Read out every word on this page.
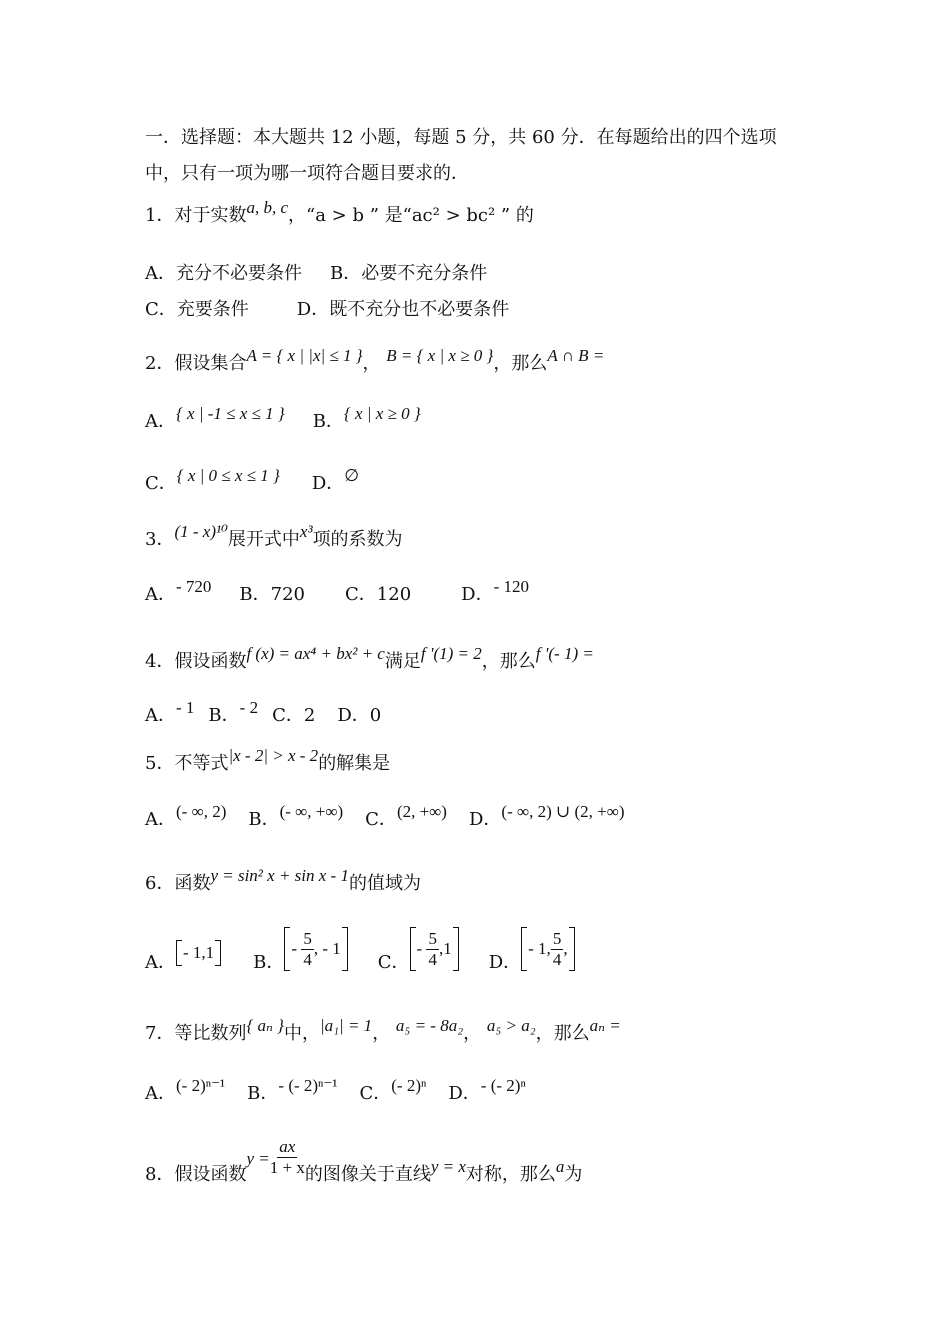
一．选择题：本大题共 12 小题，每题 5 分，共 60 分．在每题给出的四个选项
中，只有一项为哪一项符合题目要求的．
1．对于实数a, b, c，“a > b ” 是“ac² > bc² ” 的
A．充分不必要条件 B．必要不充分条件
C．充要条件	D．既不充分也不必要条件
2．假设集合A = { x | |x| ≤ 1 }， B = { x | x ≥ 0 }，那么A ∩ B =
A．{ x | -1 ≤ x ≤ 1 } B．{ x | x ≥ 0 }
C．{ x | 0 ≤ x ≤ 1 } D．∅
3．(1 - x)¹⁰展开式中x³项的系数为
A．- 720 B．720 C．120	D．- 120
4．假设函数f (x) = ax⁴ + bx² + c满足f '(1) = 2，那么f '(- 1) =
A．- 1 B．- 2 C．2 D．0
5．不等式|x - 2| > x - 2的解集是
A．(- ∞, 2) B．(- ∞, +∞) C．(2, +∞) D．(- ∞, 2) ∪ (2, +∞)
6．函数y = sin² x + sin x - 1的值域为
A． - 1,1 B．
-
$\frac{5}{4}$ , - 1
C．
-
$\frac{5}{4} ,1$
D．
- 1, $\frac{5}{4}$ ,
7．等比数列{ aₙ }中，|a₁| = 1， a₅ = - 8a₂， a₅ > a₂，那么aₙ =
A．(- 2)ⁿ⁻¹ B．- (- 2)ⁿ⁻¹ C．(- 2)ⁿ D．- (- 2)ⁿ
8．假设函数$y = \frac{ax}{1 + x}$ 的图像关于直线y = x对称，那么a为
